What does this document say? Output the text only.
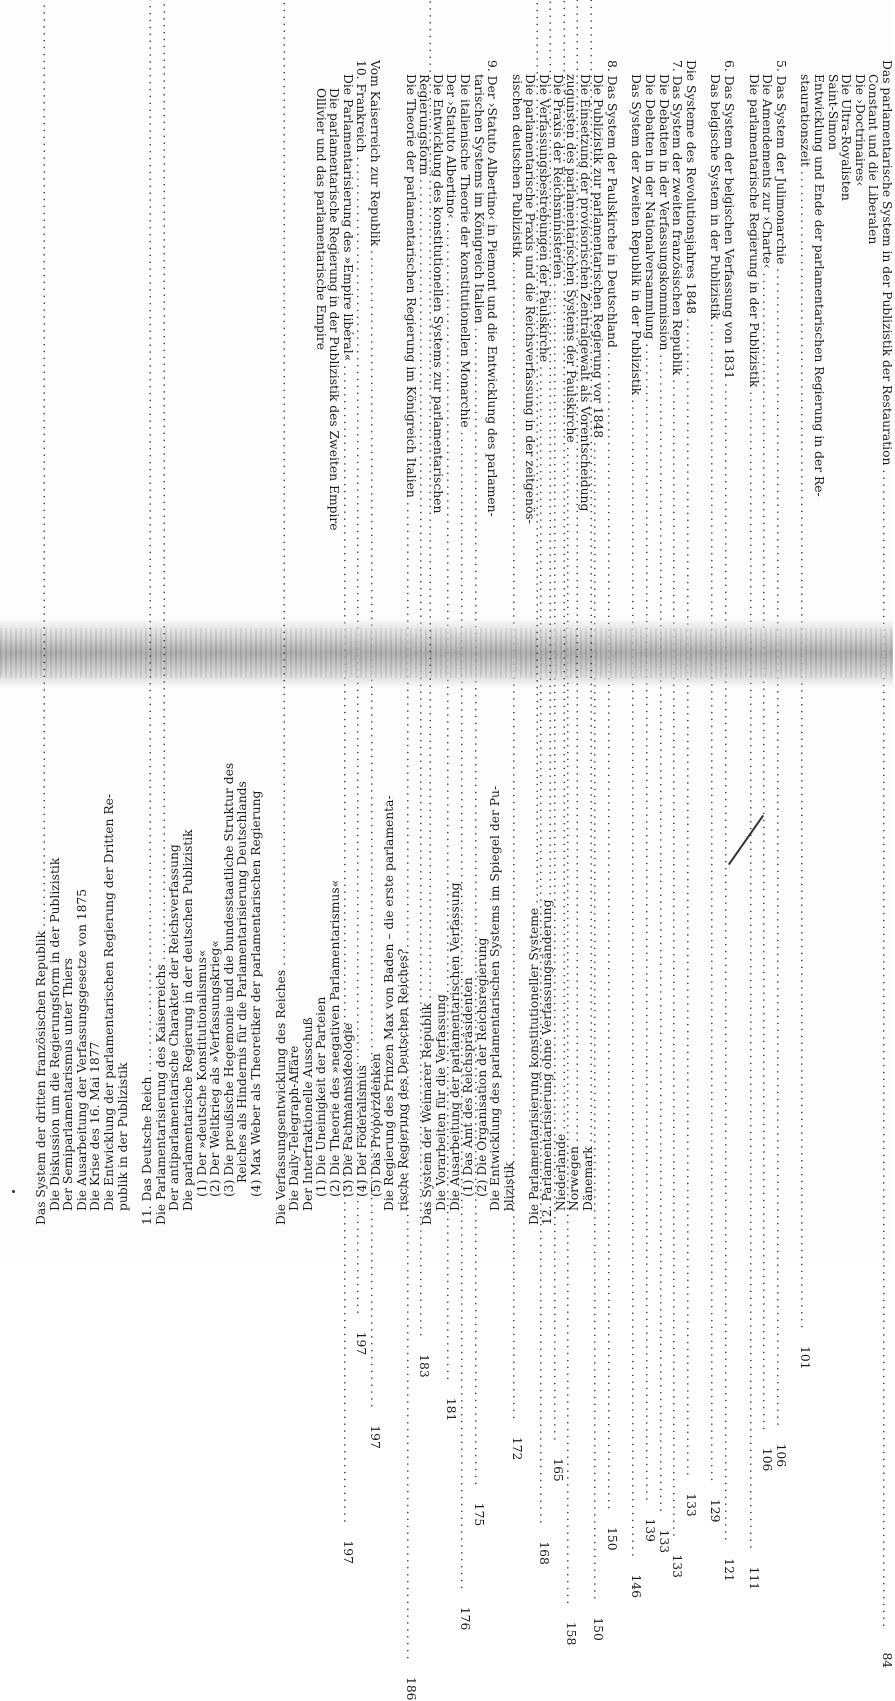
Das parlamentarische System in der Publizistik der Restauration
.....
84
Constant und die Liberalen
Die ›Doctrinaires‹
Die Ultra-Royalisten
Saint-Simon
Entwicklung und Ende der parlamentarischen Regierung in der Re-
staurationszeit
.....
101
5. Das System der Julimonarchie
.....
106
Die Amendements zur ›Charte‹
.....
106
Die parlamentarische Regierung in der Publizistik
.....
111
6. Das System der belgischen Verfassung von 1831
.....
121
Das belgische System in der Publizistik
.....
129
Die Systeme des Revolutionsjahres 1848
.....
133
7. Das System der zweiten französischen Republik
.....
133
Die Debatten in der Verfassungskommission
.....
133
Die Debatten in der Nationalversammlung
.....
139
Das System der Zweiten Republik in der Publizistik
.....
146
8. Das System der Paulskirche in Deutschland
.....
150
Die Publizistik zur parlamentarischen Regierung vor 1848
.....
150
Die Einsetzung der provisorischen Zentralgewalt als Vorentscheidung
zugunsten des parlamentarischen Systems der Paulskirche
.....
158
Die Praxis der Reichsministerien
.....
165
Die Verfassungsbestrebungen der Paulskirche
.....
168
Die parlamentarische Praxis und die Reichsverfassung in der zeitgenös-
sischen deutschen Publizistik
.....
172
9. Der ›Statuto Albertino‹ in Piemont und die Entwicklung des parlamen-
tarischen Systems im Königreich Italien
.....
175
Die italienische Theorie der konstitutionellen Monarchie
.....
176
Der ›Statuto Albertino‹
.....
181
Die Entwicklung des konstitutionellen Systems zur parlamentarischen
Regierungsform
.....
183
Die Theorie der parlamentarischen Regierung im Königreich Italien
.....
186
Vom Kaiserreich zur Republik
.....
197
10. Frankreich
.....
197
Die Parlamentarisierung des »Empire libéral«
.....
197
Die parlamentarische Regierung in der Publizistik des Zweiten Empire
Ollivier und das parlamentarische Empire
Das System der dritten französischen Republik
..... Die Diskussion um die Regierungsform in der Publizistik Der Semiparlamentarismus unter Thiers Die Ausarbeitung der Verfassungsgesetze von 1875 Die Krise des 16. Mai 1877 Die Entwicklung der parlamentarischen Regierung der Dritten Re- publik in der Publizistik 11. Das Deutsche Reich
..... Die Parlamentarisierung des Kaiserreichs
..... Der antiparlamentarische Charakter der Reichsverfassung Die parlamentarische Regierung in der deutschen Publizistik (1) Der »deutsche Konstitutionalismus« (2) Der Weltkrieg als »Verfassungskrieg« (3) Die preußische Hegemonie und die bundesstaatliche Struktur des Reiches als Hindernis für die Parlamentarisierung Deutschlands (4) Max Weber als Theoretiker der parlamentarischen Regierung Die Verfassungsentwicklung des Reiches
..... Die Daily-Telegraph-Affäre Der Interfraktionelle Ausschuß (1) Die Uneinigkeit der Parteien (2) Die Theorie des »negativen Parlamentarismus« (3) Die Fachmannsideologie (4) Der Föderalismus (5) Das Proporzdenken Die Regierung des Prinzen Max von Baden – die erste parlamenta- rische Regierung des Deutschen Reiches? Das System der Weimarer Republik
..... Die Vorarbeiten für die Verfassung Die Ausarbeitung der parlamentarischen Verfassung (1) Das Amt des Reichspräsidenten (2) Die Organisation der Reichsregierung Die Entwicklung des parlamentarischen Systems im Spiegel der Pu- blizistik Die Parlamentarisierung konstitutioneller Systeme
..... 12. Parlamentarisierung ohne Verfassungsänderung
..... Niederlande
..... Norwegen
..... Dänemark
.....
